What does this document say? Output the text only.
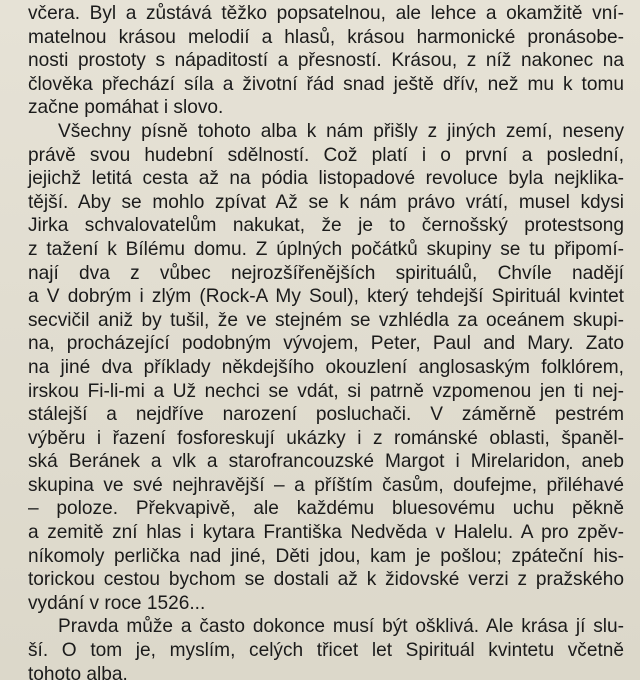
včera. Byl a zůstává těžko popsatelnou, ale lehce a okamžitě vní-
matelnou krásou melodií a hlasů, krásou harmonické pronásobe-
nosti prostoty s nápaditostí a přesností. Krásou, z níž nakonec na
člověka přechází síla a životní řád snad ještě dřív, než mu k tomu
začne pomáhat i slovo.
Všechny písně tohoto alba k nám přišly z jiných zemí, neseny
právě svou hudební sdělností. Což platí i o první a poslední,
jejichž letitá cesta až na pódia listopadové revoluce byla nejklika-
tější. Aby se mohlo zpívat Až se k nám právo vrátí, musel kdysi
Jirka schvalovatelům nakukat, že je to černošský protestsong
z tažení k Bílému domu. Z úplných počátků skupiny se tu připomí-
nají dva z vůbec nejrozšířenějších spirituálů, Chvíle nadějí
a V dobrým i zlým (Rock-A My Soul), který tehdejší Spirituál kvintet
secvičil aniž by tušil, že ve stejném se vzhlédla za oceánem skupi-
na, procházející podobným vývojem, Peter, Paul and Mary. Zato
na jiné dva příklady někdejšího okouzlení anglosaským folklórem,
irskou Fi-li-mi a Už nechci se vdát, si patrně vzpomenou jen ti nej-
stálejší a nejdříve narození posluchači. V záměrně pestrém
výběru i řazení fosforeskují ukázky i z románské oblasti, španěl-
ská Beránek a vlk a starofrancouzské Margot i Mirelaridon, aneb
skupina ve své nejhravější – a příštím časům, doufejme, přiléhavé
– poloze. Překvapivě, ale každému bluesovému uchu pěkně
a zemitě zní hlas i kytara Františka Nedvěda v Halelu. A pro zpěv-
níkomoly perlička nad jiné, Děti jdou, kam je pošlou; zpáteční his-
torickou cestou bychom se dostali až k židovské verzi z pražského
vydání v roce 1526...
Pravda může a často dokonce musí být ošklivá. Ale krása jí slu-
ší. O tom je, myslím, celých třicet let Spirituál kvintetu včetně
tohoto alba.
